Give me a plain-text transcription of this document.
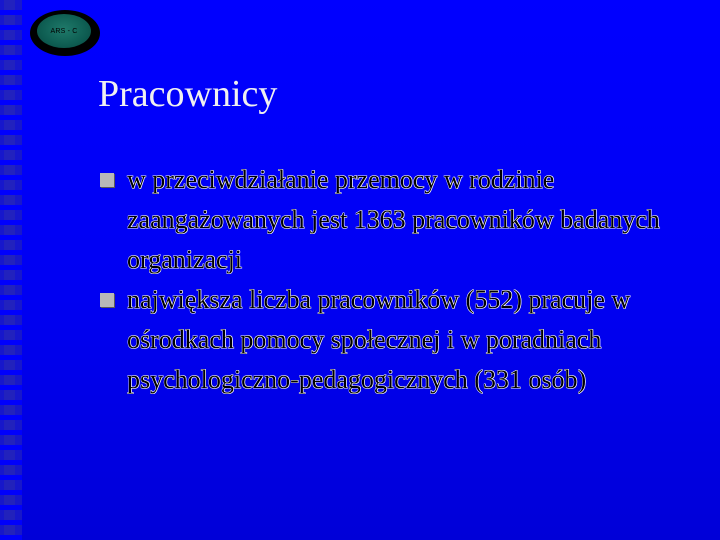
ARS - C
Pracownicy
w przeciwdziałanie przemocy w rodzinie zaangażowanych jest 1363 pracowników badanych organizacji
największa liczba pracowników (552) pracuje w ośrodkach pomocy społecznej i w poradniach psychologiczno-pedagogicznych (331 osób)
